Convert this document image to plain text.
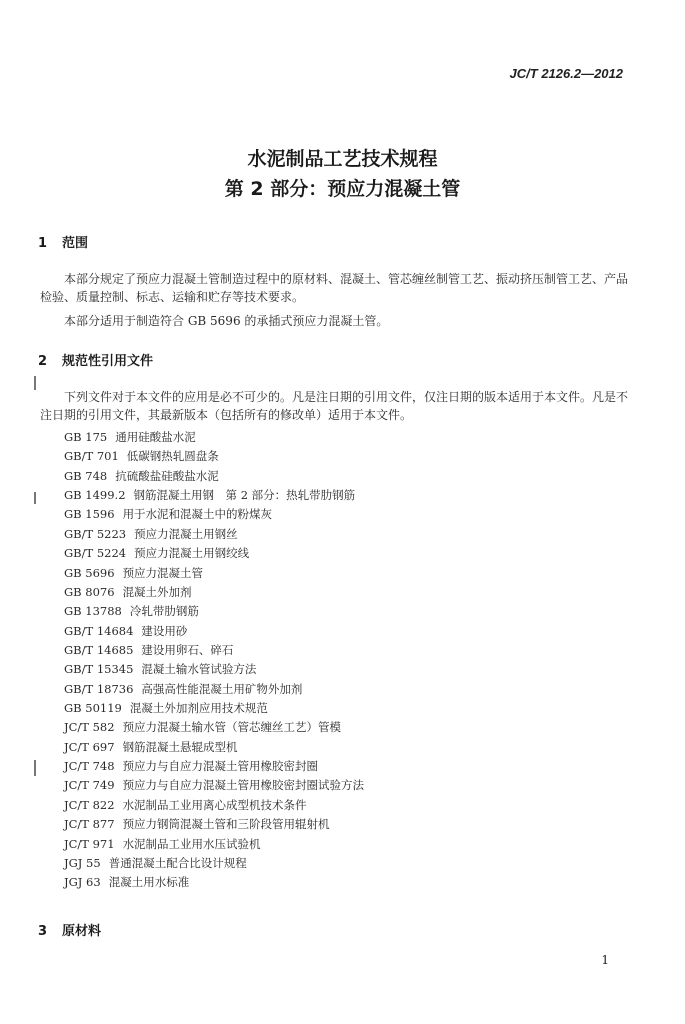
JC/T 2126.2—2012
水泥制品工艺技术规程
第 2 部分：预应力混凝土管
1 范围
本部分规定了预应力混凝土管制造过程中的原材料、混凝土、管芯缠丝制管工艺、振动挤压制管工艺、产品检验、质量控制、标志、运输和贮存等技术要求。
本部分适用于制造符合 GB 5696 的承插式预应力混凝土管。
2 规范性引用文件
下列文件对于本文件的应用是必不可少的。凡是注日期的引用文件，仅注日期的版本适用于本文件。凡是不注日期的引用文件，其最新版本（包括所有的修改单）适用于本文件。
GB 175 通用硅酸盐水泥
GB/T 701 低碳钢热轧圆盘条
GB 748 抗硫酸盐硅酸盐水泥
GB 1499.2 钢筋混凝土用钢　第 2 部分：热轧带肋钢筋
GB 1596 用于水泥和混凝土中的粉煤灰
GB/T 5223 预应力混凝土用钢丝
GB/T 5224 预应力混凝土用钢绞线
GB 5696 预应力混凝土管
GB 8076 混凝土外加剂
GB 13788 冷轧带肋钢筋
GB/T 14684 建设用砂
GB/T 14685 建设用卵石、碎石
GB/T 15345 混凝土输水管试验方法
GB/T 18736 高强高性能混凝土用矿物外加剂
GB 50119 混凝土外加剂应用技术规范
JC/T 582 预应力混凝土输水管（管芯缠丝工艺）管模
JC/T 697 钢筋混凝土悬辊成型机
JC/T 748 预应力与自应力混凝土管用橡胶密封圈
JC/T 749 预应力与自应力混凝土管用橡胶密封圈试验方法
JC/T 822 水泥制品工业用离心成型机技术条件
JC/T 877 预应力钢筒混凝土管和三阶段管用辊射机
JC/T 971 水泥制品工业用水压试验机
JGJ 55 普通混凝土配合比设计规程
JGJ 63 混凝土用水标准
3 原材料
1
